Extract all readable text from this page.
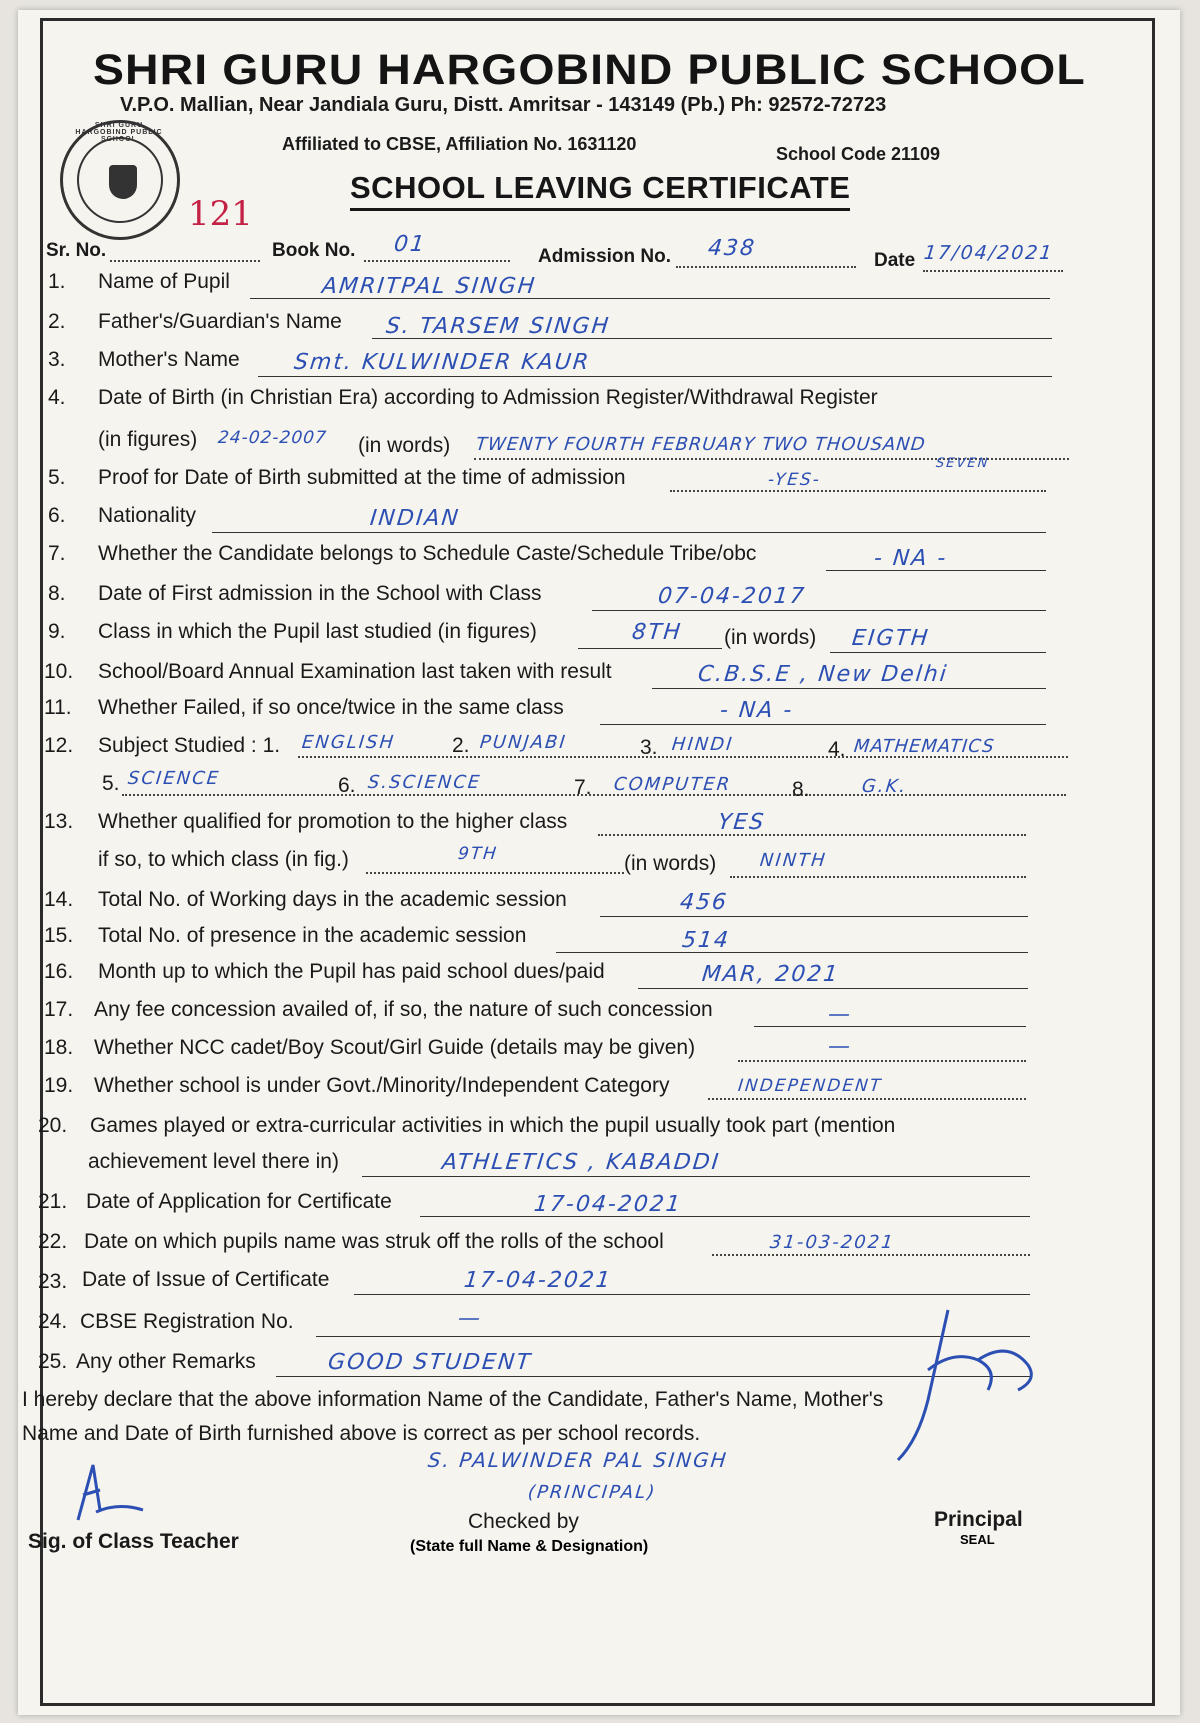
SHRI GURU HARGOBIND PUBLIC SCHOOL
SHRI GURU HARGOBIND PUBLIC SCHOOL
V.P.O. Mallian, Near Jandiala Guru, Distt. Amritsar - 143149 (Pb.) Ph: 92572-72723
Affiliated to CBSE, Affiliation No. 1631120	School Code 21109
SCHOOL LEAVING CERTIFICATE
121
Sr. No.	Book No. 01	Admission No. 438	Date 17/04/2021
1. Name of Pupil	AMRITPAL SINGH
2. Father's/Guardian's Name S. TARSEM SINGH
3. Mother's Name Smt. KULWINDER KAUR
4. Date of Birth (in Christian Era) according to Admission Register/Withdrawal Register
(in figures) 24-02-2007 (in words) TWENTY FOURTH FEBRUARY TWO THOUSAND
SEVEN
5. Proof for Date of Birth submitted at the time of admission	-YES-
6. Nationality	INDIAN
7. Whether the Candidate belongs to Schedule Caste/Schedule Tribe/obc	- NA -
8. Date of First admission in the School with Class	07-04-2017
9. Class in which the Pupil last studied (in figures)	8TH (in words) EIGTH
10. School/Board Annual Examination last taken with result	C.B.S.E , New Delhi
11. Whether Failed, if so once/twice in the same class	- NA -
12. Subject Studied : 1. ENGLISH	2. PUNJABI	3. HINDI	4. MATHEMATICS
5. SCIENCE	6. S.SCIENCE	7. COMPUTER	8.	G.K.
13. Whether qualified for promotion to the higher class	YES
if so, to which class (in fig.)	9TH	(in words) NINTH
14. Total No. of Working days in the academic session	456
15. Total No. of presence in the academic session	514
16. Month up to which the Pupil has paid school dues/paid	MAR, 2021
17. Any fee concession availed of, if so, the nature of such concession	—
18. Whether NCC cadet/Boy Scout/Girl Guide (details may be given)	—
19. Whether school is under Govt./Minority/Independent Category	INDEPENDENT
20. Games played or extra-curricular activities in which the pupil usually took part (mention
achievement level there in)	ATHLETICS , KABADDI
21. Date of Application for Certificate	17-04-2021
22. Date on which pupils name was struk off the rolls of the school	31-03-2021
23. Date of Issue of Certificate	17-04-2021
24. CBSE Registration No.	—
25. Any other Remarks	GOOD STUDENT
I hereby declare that the above information Name of the Candidate, Father's Name, Mother's
Name and Date of Birth furnished above is correct as per school records.
S. PALWINDER PAL SINGH
(PRINCIPAL)
Checked by
(State full Name & Designation)
Sig. of Class Teacher
Principal
SEAL
